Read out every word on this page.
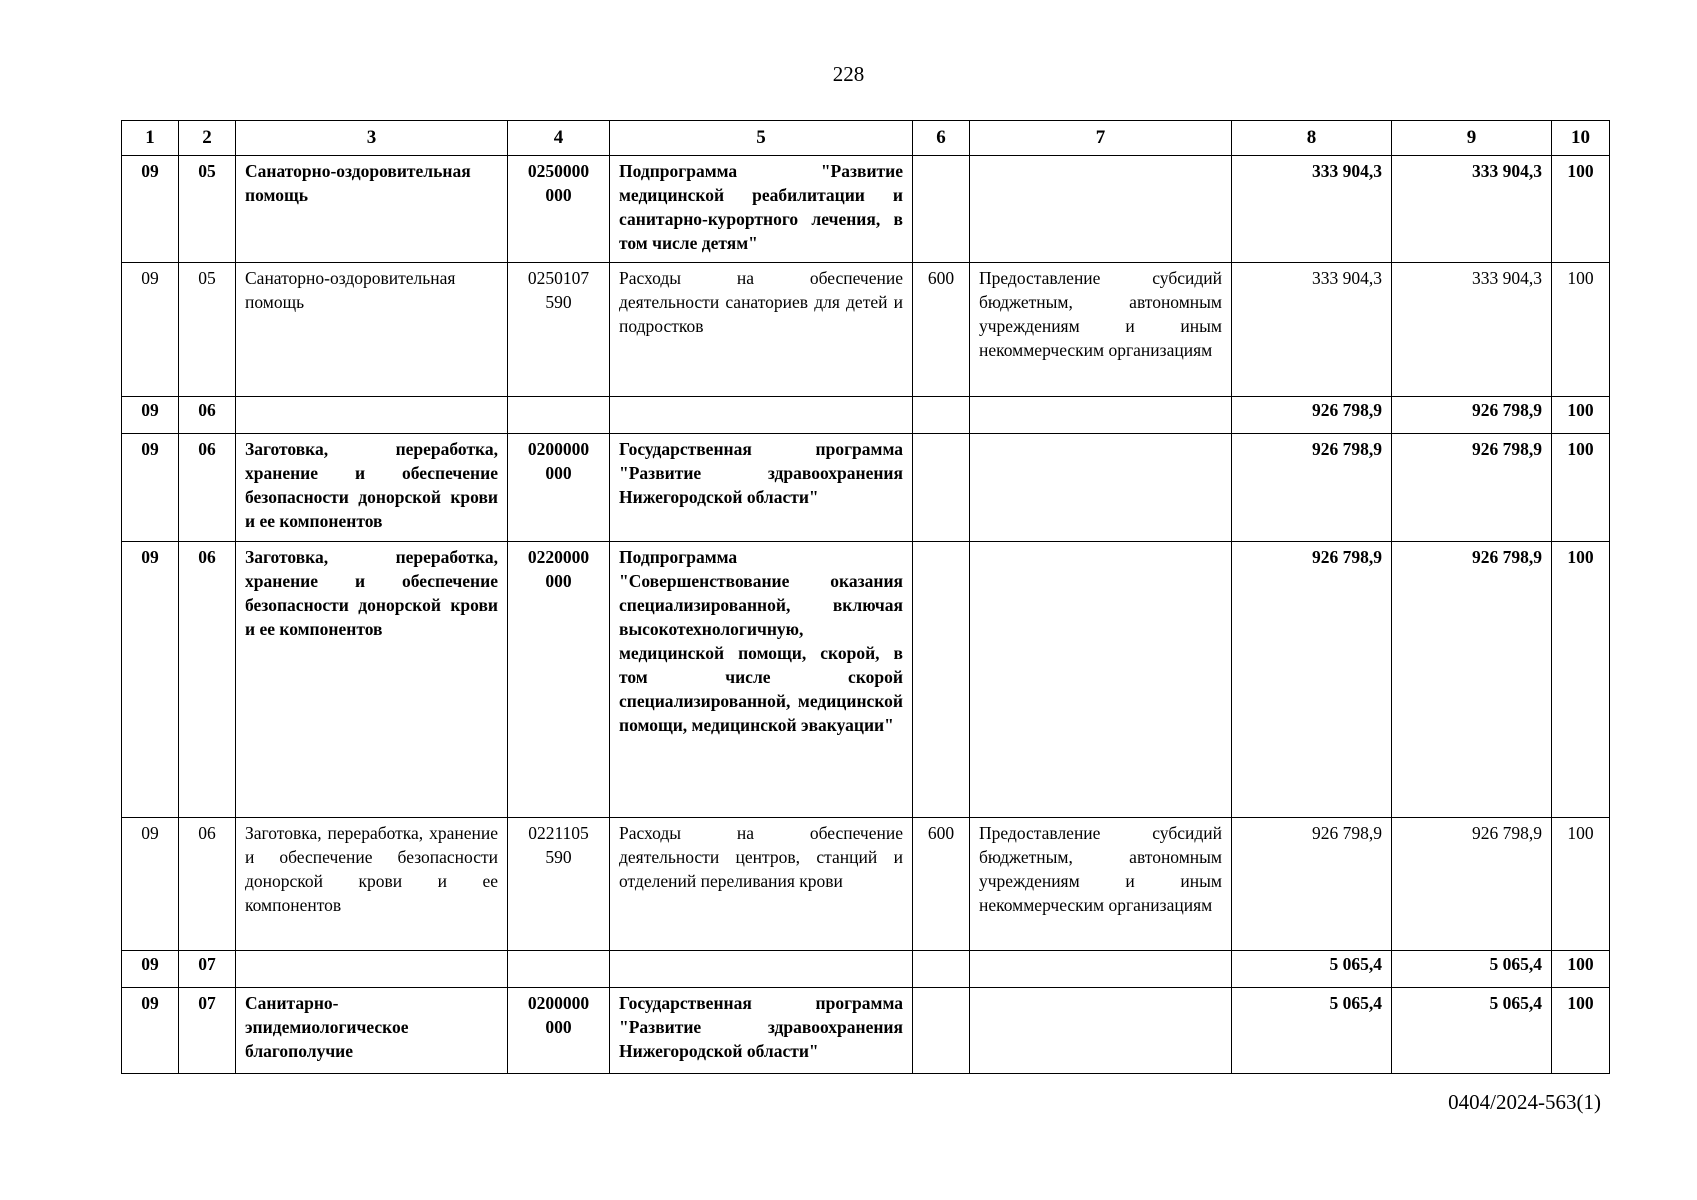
228
1	2	3	4	5	6	7	8	9	10
09	05	Санаторно-оздоровительная помощь	0250000 000	Подпрограмма "Развитие медицинской реабилитации и санитарно-курортного лечения, в том числе детям"			333 904,3	333 904,3	100
09	05	Санаторно-оздоровительная помощь	0250107 590	Расходы на обеспечение деятельности санаториев для детей и подростков	600	Предоставление субсидий бюджетным, автономным учреждениям и иным некоммерческим организациям	333 904,3	333 904,3	100
09	06						926 798,9	926 798,9	100
09	06	Заготовка, переработка, хранение и обеспечение безопасности донорской крови и ее компонентов	0200000 000	Государственная программа "Развитие здравоохранения Нижегородской области"			926 798,9	926 798,9	100
09	06	Заготовка, переработка, хранение и обеспечение безопасности донорской крови и ее компонентов	0220000 000	Подпрограмма "Совершенствование оказания специализированной, включая высокотехнологичную, медицинской помощи, скорой, в том числе скорой специализированной, медицинской помощи, медицинской эвакуации"			926 798,9	926 798,9	100
09	06	Заготовка, переработка, хранение и обеспечение безопасности донорской крови и ее компонентов	0221105 590	Расходы на обеспечение деятельности центров, станций и отделений переливания крови	600	Предоставление субсидий бюджетным, автономным учреждениям и иным некоммерческим организациям	926 798,9	926 798,9	100
09	07						5 065,4	5 065,4	100
09	07	Санитарно-эпидемиологическое благополучие	0200000 000	Государственная программа "Развитие здравоохранения Нижегородской области"			5 065,4	5 065,4	100
0404/2024-563(1)
